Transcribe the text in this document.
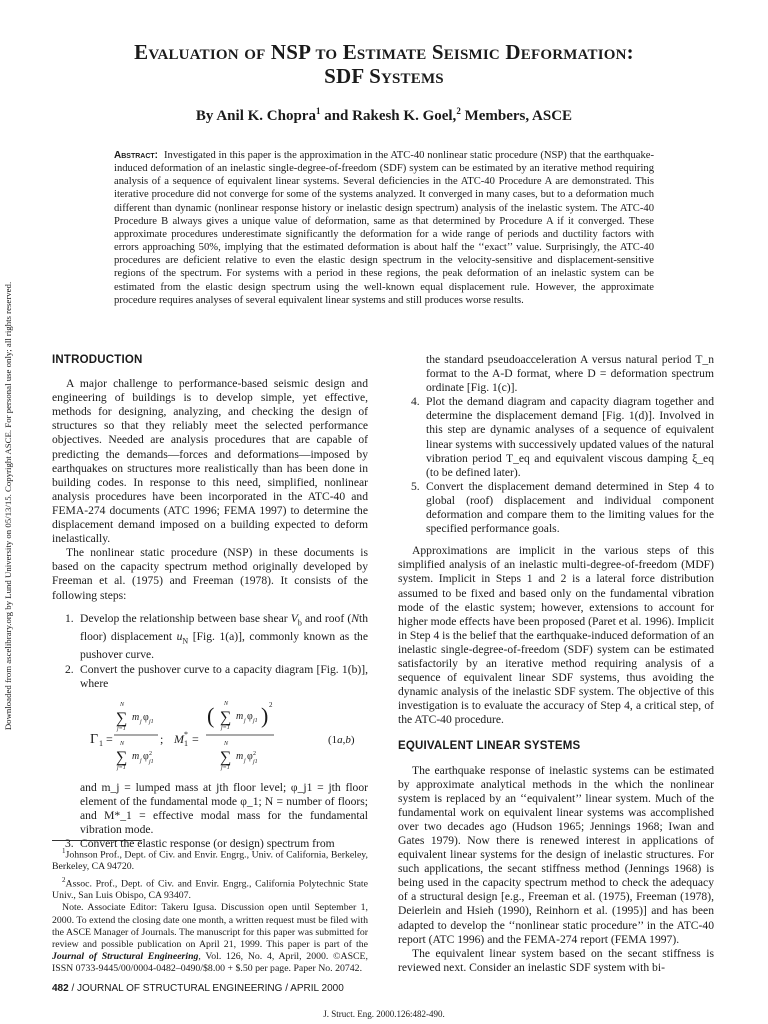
Evaluation of NSP to Estimate Seismic Deformation:
SDF Systems
By Anil K. Chopra$^1$ and Rakesh K. Goel,$^2$ Members, ASCE
Abstract: Investigated in this paper is the approximation in the ATC-40 nonlinear static procedure (NSP) that the earthquake-induced deformation of an inelastic single-degree-of-freedom (SDF) system can be estimated by an iterative method requiring analysis of a sequence of equivalent linear systems. Several deficiencies in the ATC-40 Procedure A are demonstrated. This iterative procedure did not converge for some of the systems analyzed. It converged in many cases, but to a deformation much different than dynamic (nonlinear response history or inelastic design spectrum) analysis of the inelastic system. The ATC-40 Procedure B always gives a unique value of deformation, same as that determined by Procedure A if it converged. These approximate procedures underestimate significantly the deformation for a wide range of periods and ductility factors with errors approaching 50%, implying that the estimated deformation is about half the ‘‘exact’’ value. Surprisingly, the ATC-40 procedures are deficient relative to even the elastic design spectrum in the velocity-sensitive and displacement-sensitive regions of the spectrum. For systems with a period in these regions, the peak deformation of an inelastic system can be estimated from the elastic design spectrum using the well-known equal displacement rule. However, the approximate procedure requires analyses of several equivalent linear systems and still produces worse results.
Downloaded from ascelibrary.org by Lund University on 05/13/15. Copyright ASCE. For personal use only; all rights reserved.	INTRODUCTION

A major challenge to performance-based seismic design and engineering of buildings is to develop simple, yet effective, methods for designing, analyzing, and checking the design of structures so that they reliably meet the selected performance objectives. Needed are analysis procedures that are capable of predicting the demands—forces and deformations—imposed by earthquakes on structures more realistically than has been done in building codes. In response to this need, simplified, nonlinear analysis procedures have been incorporated in the ATC-40 and FEMA-274 documents (ATC 1996; FEMA 1997) to determine the displacement demand imposed on a building expected to deform inelastically.

The nonlinear static procedure (NSP) in these documents is based on the capacity spectrum method originally developed by Freeman et al. (1975) and Freeman (1978). It consists of the following steps:

1. Develop the relationship between base shear $V_b$ and roof (Nth floor) displacement $u_N$ [Fig. 1(a)], commonly known as the pushover curve.
2. Convert the pushover curve to a capacity diagram [Fig. 1(b)], where
Γ 1 =
N
∑
j=1
m j φ j1
N
∑
j=1
m j φ 2
j1
; M *
1 =
( N
∑
j=1
m j φ j1 ) 2
N
∑
j=1
m j φ 2
j1
(1a,b)
and m_j = lumped mass at jth floor level; φ_j1 = jth floor element of the fundamental mode φ_1; N = number of floors; and M*_1 = effective modal mass for the fundamental vibration mode.
3. Convert the elastic response (or design) spectrum from

$^1$Johnson Prof., Dept. of Civ. and Envir. Engrg., Univ. of California, Berkeley, Berkeley, CA 94720.

$^2$Assoc. Prof., Dept. of Civ. and Envir. Engrg., California Polytechnic State Univ., San Luis Obispo, CA 93407.

Note. Associate Editor: Takeru Igusa. Discussion open until September 1, 2000. To extend the closing date one month, a written request must be filed with the ASCE Manager of Journals. The manuscript for this paper was submitted for review and possible publication on April 21, 1999. This paper is part of the Journal of Structural Engineering, Vol. 126, No. 4, April, 2000. ©ASCE, ISSN 0733-9445/00/0004-0482–0490/$8.00 + $.50 per page. Paper No. 20742.

the standard pseudoacceleration A versus natural period T_n format to the A-D format, where D = deformation spectrum ordinate [Fig. 1(c)].
4. Plot the demand diagram and capacity diagram together and determine the displacement demand [Fig. 1(d)]. Involved in this step are dynamic analyses of a sequence of equivalent linear systems with successively updated values of the natural vibration period T_eq and equivalent viscous damping ξ_eq (to be defined later).
5. Convert the displacement demand determined in Step 4 to global (roof) displacement and individual component deformation and compare them to the limiting values for the specified performance goals.

Approximations are implicit in the various steps of this simplified analysis of an inelastic multi-degree-of-freedom (MDF) system. Implicit in Steps 1 and 2 is a lateral force distribution assumed to be fixed and based only on the fundamental vibration mode of the elastic system; however, extensions to account for higher mode effects have been proposed (Paret et al. 1996). Implicit in Step 4 is the belief that the earthquake-induced deformation of an inelastic single-degree-of-freedom (SDF) system can be estimated satisfactorily by an iterative method requiring analysis of a sequence of equivalent linear SDF systems, thus avoiding the dynamic analysis of the inelastic SDF system. The objective of this investigation is to evaluate the accuracy of Step 4, a critical step, of the ATC-40 procedure.

EQUIVALENT LINEAR SYSTEMS

The earthquake response of inelastic systems can be estimated by approximate analytical methods in the which the nonlinear system is replaced by an ‘‘equivalent’’ linear system. Much of the fundamental work on equivalent linear systems was accomplished over two decades ago (Hudson 1965; Jennings 1968; Iwan and Gates 1979). Now there is renewed interest in applications of equivalent linear systems for the design of inelastic structures. For such applications, the secant stiffness method (Jennings 1968) is being used in the capacity spectrum method to check the adequacy of a structural design [e.g., Freeman et al. (1975), Freeman (1978), Deierlein and Hsieh (1990), Reinhorn et al. (1995)] and has been adapted to develop the ‘‘nonlinear static procedure’’ in the ATC-40 report (ATC 1996) and the FEMA-274 report (FEMA 1997).

The equivalent linear system based on the secant stiffness is reviewed next. Consider an inelastic SDF system with bi-

482 / JOURNAL OF STRUCTURAL ENGINEERING / APRIL 2000
J. Struct. Eng. 2000.126:482-490.
